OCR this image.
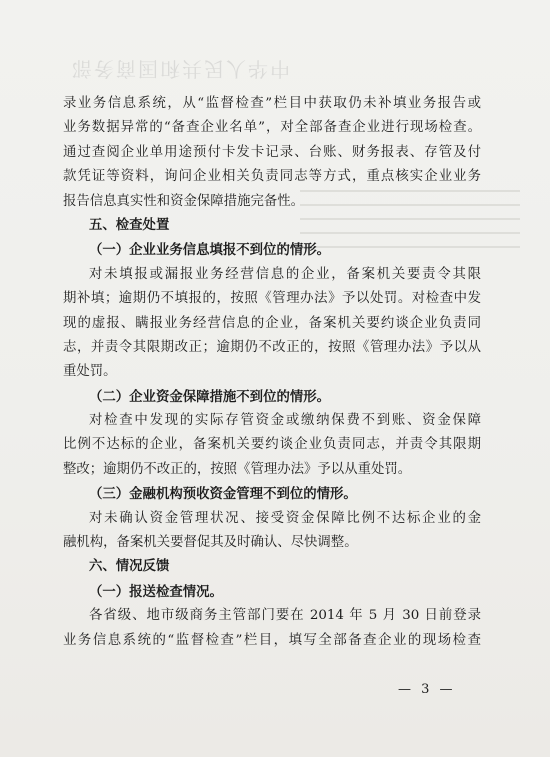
中华人民共和国商务部
录业务信息系统，从“监督检查”栏目中获取仍未补填业务报告或
业务数据异常的“备查企业名单”，对全部备查企业进行现场检查。
通过查阅企业单用途预付卡发卡记录、台账、财务报表、存管及付
款凭证等资料，询问企业相关负责同志等方式，重点核实企业业务
报告信息真实性和资金保障措施完备性。
五、检查处置
（一）企业业务信息填报不到位的情形。
对未填报或漏报业务经营信息的企业，备案机关要责令其限
期补填；逾期仍不填报的，按照《管理办法》予以处罚。对检查中发
现的虚报、瞒报业务经营信息的企业，备案机关要约谈企业负责同
志，并责令其限期改正；逾期仍不改正的，按照《管理办法》予以从
重处罚。
（二）企业资金保障措施不到位的情形。
对检查中发现的实际存管资金或缴纳保费不到账、资金保障
比例不达标的企业，备案机关要约谈企业负责同志，并责令其限期
整改；逾期仍不改正的，按照《管理办法》予以从重处罚。
（三）金融机构预收资金管理不到位的情形。
对未确认资金管理状况、接受资金保障比例不达标企业的金
融机构，备案机关要督促其及时确认、尽快调整。
六、情况反馈
（一）报送检查情况。
各省级、地市级商务主管部门要在 2014 年 5 月 30 日前登录
业务信息系统的“监督检查”栏目，填写全部备查企业的现场检查
— 3 —
